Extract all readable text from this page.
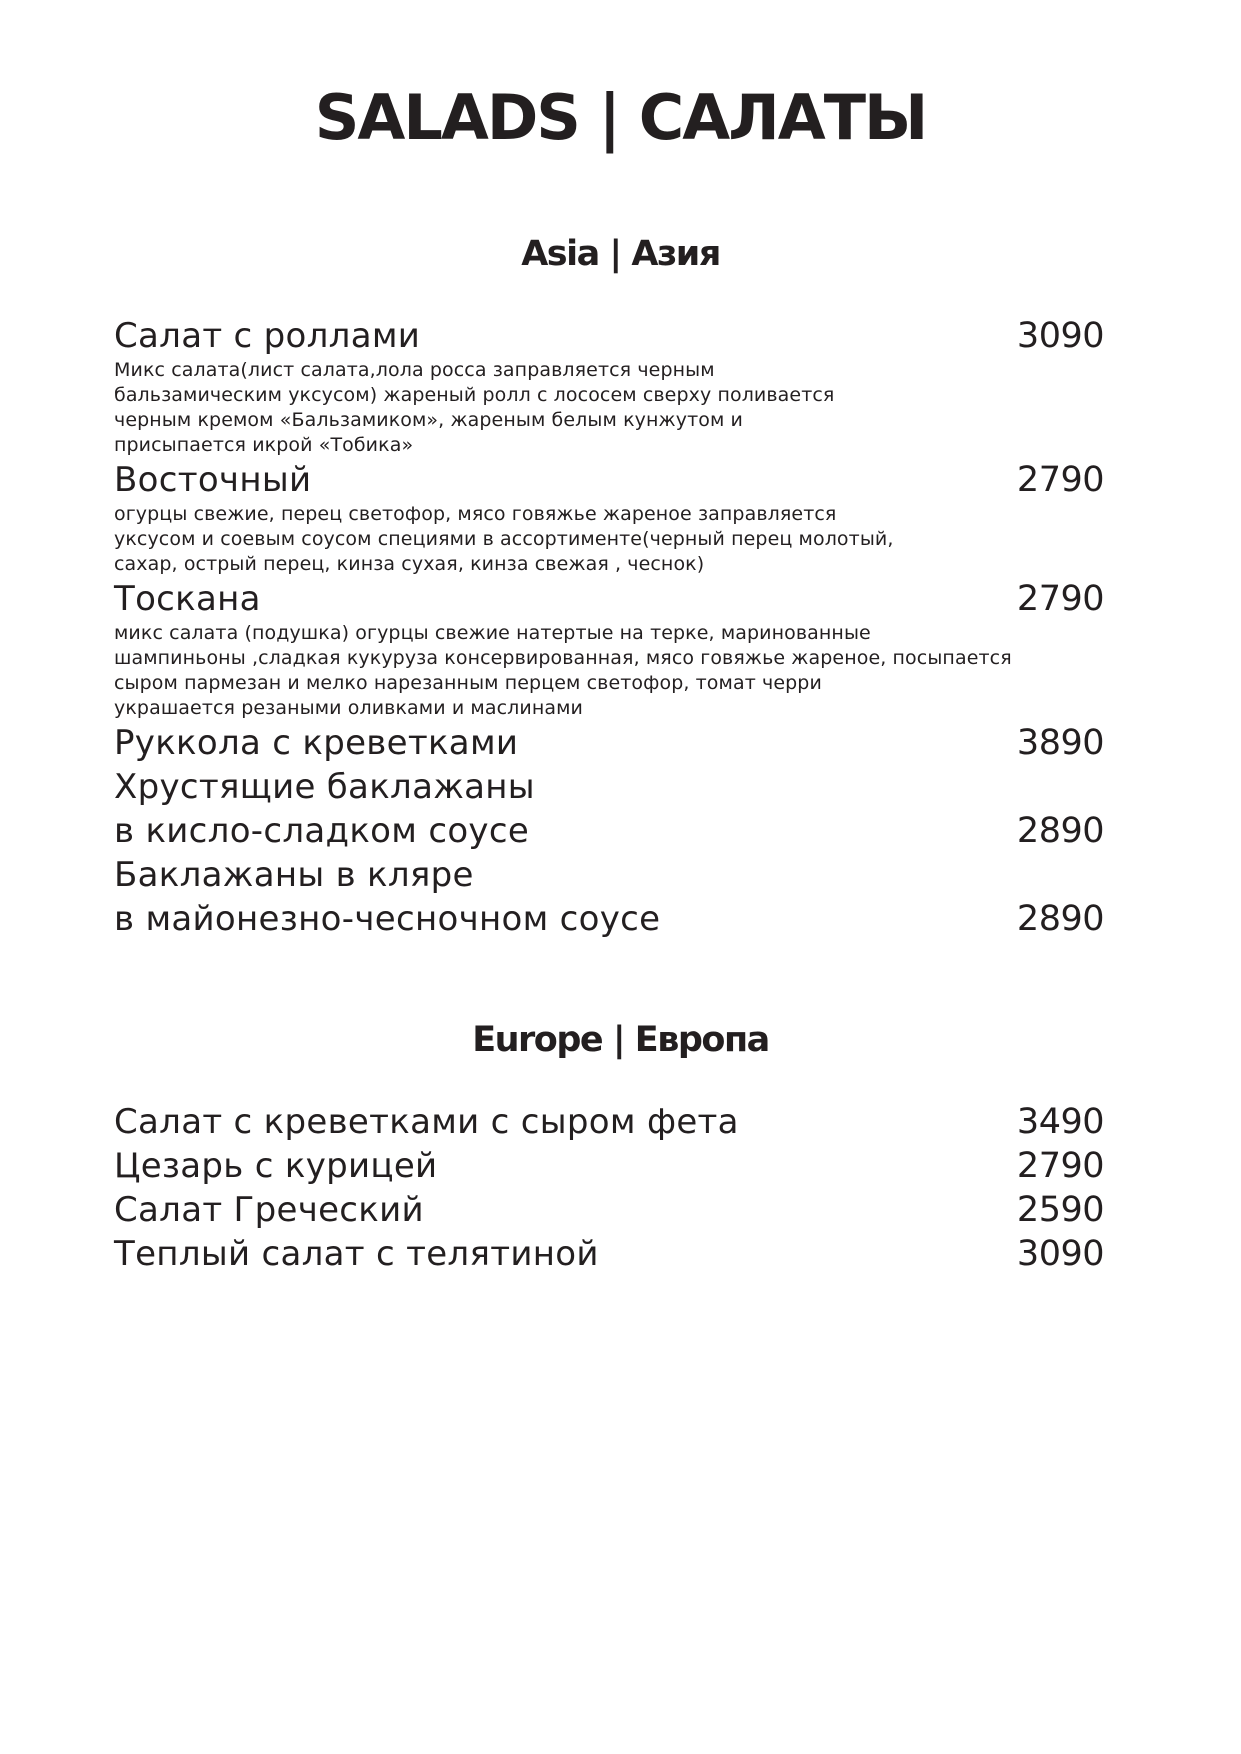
SALADS | САЛАТЫ
Asia | Азия
Салат с роллами	3090
Микс салата(лист салата,лола росса заправляется черным
бальзамическим уксусом) жареный ролл с лососем сверху поливается
черным кремом «Бальзамиком», жареным белым кунжутом и
присыпается икрой «Тобика»
Восточный	2790
огурцы свежие, перец светофор, мясо говяжье жареное заправляется
уксусом и соевым соусом специями в ассортименте(черный перец молотый,
сахар, острый перец, кинза сухая, кинза свежая , чеснок)
Тоскана	2790
микс салата (подушка) огурцы свежие натертые на терке, маринованные
шампиньоны ,сладкая кукуруза консервированная, мясо говяжье жареное, посыпается
сыром пармезан и мелко нарезанным перцем светофор, томат черри
украшается резаными оливками и маслинами
Руккола с креветками	3890
Хрустящие баклажаны
в кисло-сладком соусе	2890
Баклажаны в кляре
в майонезно-чесночном соусе	2890
Europe | Европа
Салат с креветками с сыром фета	3490
Цезарь с курицей	2790
Салат Греческий	2590
Теплый салат с телятиной	3090
